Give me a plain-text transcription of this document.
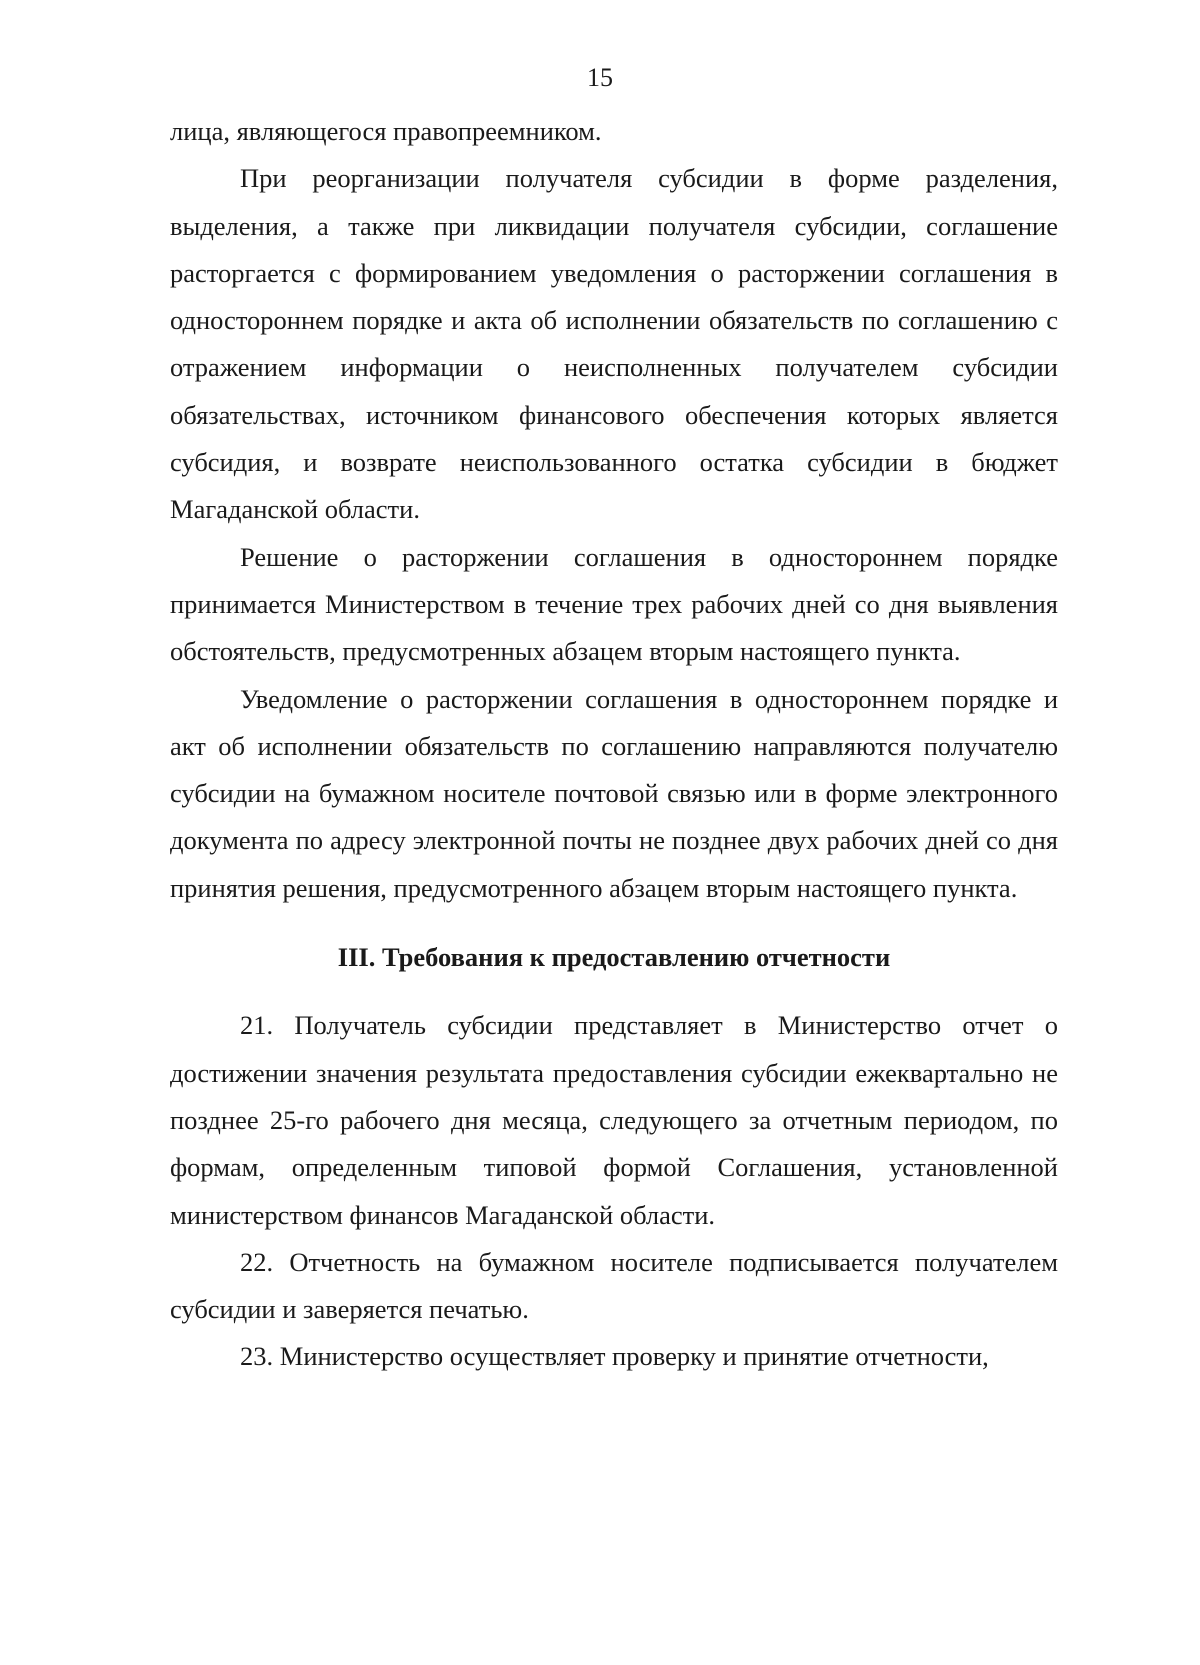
15

лица, являющегося правопреемником.

При реорганизации получателя субсидии в форме разделения, выделения, а также при ликвидации получателя субсидии, соглашение расторгается с формированием уведомления о расторжении соглашения в одностороннем порядке и акта об исполнении обязательств по соглашению с отражением информации о неисполненных получателем субсидии обязательствах, источником финансового обеспечения которых является субсидия, и возврате неиспользованного остатка субсидии в бюджет Магаданской области.

Решение о расторжении соглашения в одностороннем порядке принимается Министерством в течение трех рабочих дней со дня выявления обстоятельств, предусмотренных абзацем вторым настоящего пункта.

Уведомление о расторжении соглашения в одностороннем порядке и акт об исполнении обязательств по соглашению направляются получателю субсидии на бумажном носителе почтовой связью или в форме электронного документа по адресу электронной почты не позднее двух рабочих дней со дня принятия решения, предусмотренного абзацем вторым настоящего пункта.

III. Требования к предоставлению отчетности

21. Получатель субсидии представляет в Министерство отчет о достижении значения результата предоставления субсидии ежеквартально не позднее 25-го рабочего дня месяца, следующего за отчетным периодом, по формам, определенным типовой формой Соглашения, установленной министерством финансов Магаданской области.

22. Отчетность на бумажном носителе подписывается получателем субсидии и заверяется печатью.

23. Министерство осуществляет проверку и принятие отчетности,
